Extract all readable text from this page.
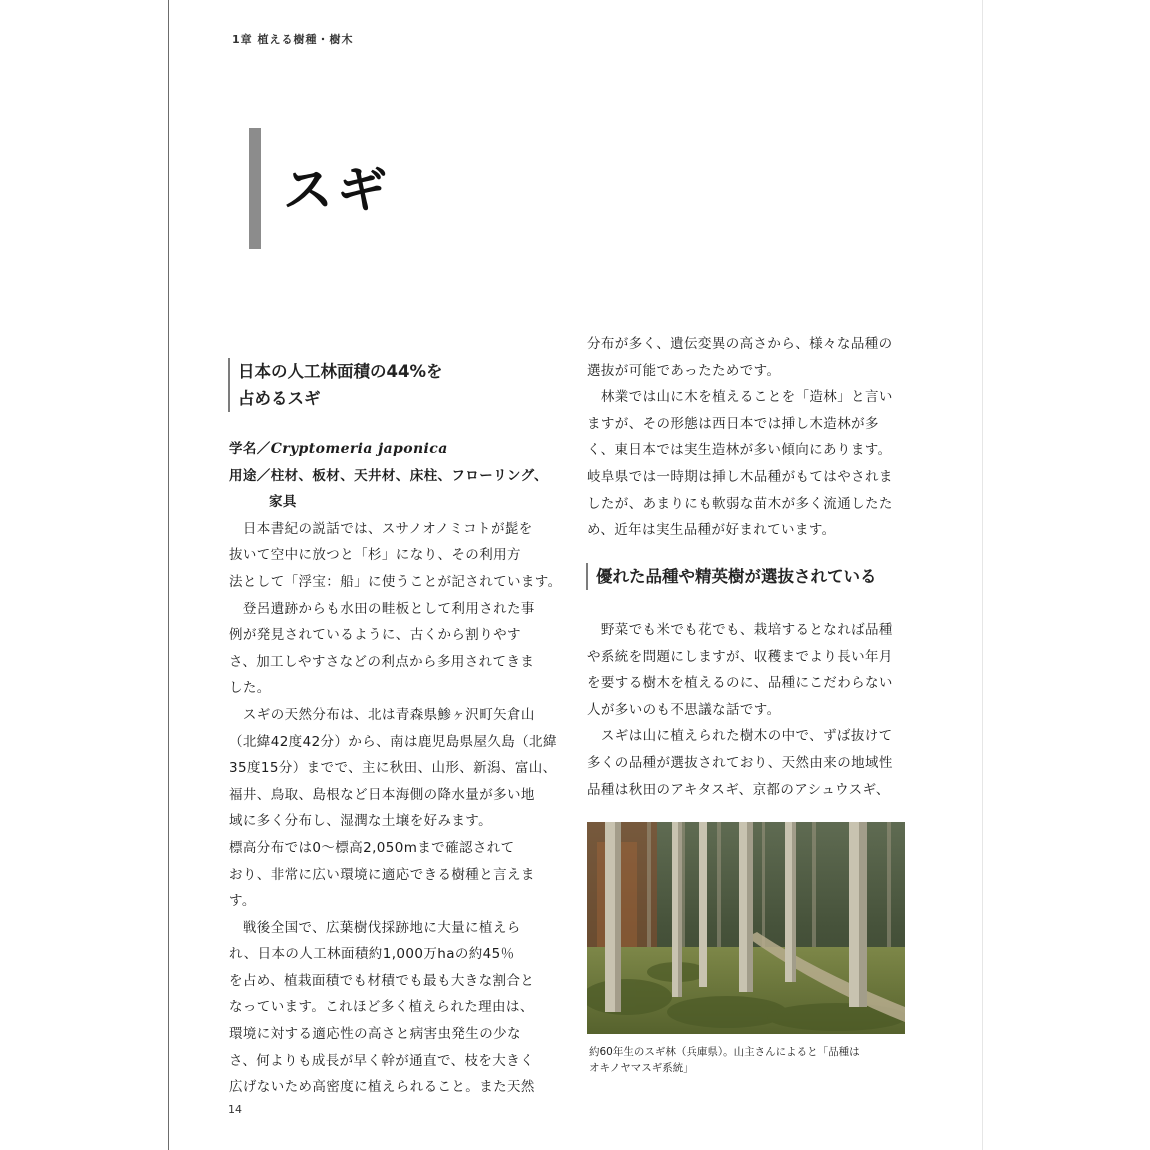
1章 植える樹種・樹木
スギ
日本の人工林面積の44%を
占めるスギ
学名／Cryptomeria japonica
用途／柱材、板材、天井材、床柱、フローリング、
家具
　日本書紀の説話では、スサノオノミコトが髭を
抜いて空中に放つと「杉」になり、その利用方
法として「浮宝：船」に使うことが記されています。
　登呂遺跡からも水田の畦板として利用された事
例が発見されているように、古くから割りやす
さ、加工しやすさなどの利点から多用されてきま
した。
　スギの天然分布は、北は青森県鯵ヶ沢町矢倉山
（北緯42度42分）から、南は鹿児島県屋久島（北緯
35度15分）までで、主に秋田、山形、新潟、富山、
福井、鳥取、島根など日本海側の降水量が多い地
域に多く分布し、湿潤な土壌を好みます。
標高分布では0～標高2,050mまで確認されて
おり、非常に広い環境に適応できる樹種と言えま
す。
　戦後全国で、広葉樹伐採跡地に大量に植えら
れ、日本の人工林面積約1,000万haの約45％
を占め、植栽面積でも材積でも最も大きな割合と
なっています。これほど多く植えられた理由は、
環境に対する適応性の高さと病害虫発生の少な
さ、何よりも成長が早く幹が通直で、枝を大きく
広げないため高密度に植えられること。また天然
分布が多く、遺伝変異の高さから、様々な品種の
選抜が可能であったためです。
　林業では山に木を植えることを「造林」と言い
ますが、その形態は西日本では挿し木造林が多
く、東日本では実生造林が多い傾向にあります。
岐阜県では一時期は挿し木品種がもてはやされま
したが、あまりにも軟弱な苗木が多く流通したた
め、近年は実生品種が好まれています。
優れた品種や精英樹が選抜されている
　野菜でも米でも花でも、栽培するとなれば品種
や系統を問題にしますが、収穫までより長い年月
を要する樹木を植えるのに、品種にこだわらない
人が多いのも不思議な話です。
　スギは山に植えられた樹木の中で、ずば抜けて
多くの品種が選抜されており、天然由来の地域性
品種は秋田のアキタスギ、京都のアシュウスギ、
約60年生のスギ林（兵庫県）。山主さんによると「品種は
オキノヤマスギ系統」
14
